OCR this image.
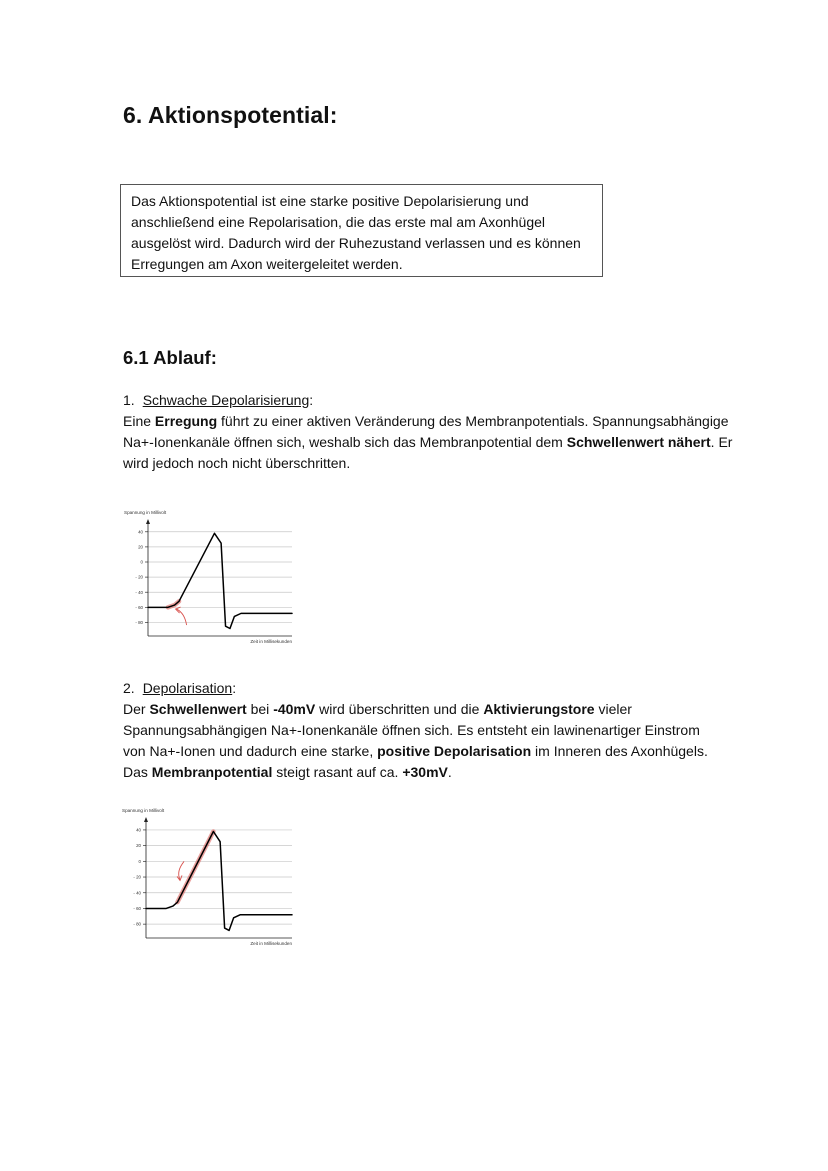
6. Aktionspotential:
Das Aktionspotential ist eine starke positive Depolarisierung und anschließend eine Repolarisation, die das erste mal am Axonhügel ausgelöst wird. Dadurch wird der Ruhezustand verlassen und es können Erregungen am Axon weitergeleitet werden.
6.1 Ablauf:

1. Schwache Depolarisierung:

Eine Erregung führt zu einer aktiven Veränderung des Membranpotentials. Spannungsabhängige Na+-Ionenkanäle öffnen sich, weshalb sich das Membranpotential dem Schwellenwert nähert. Er wird jedoch noch nicht überschritten.

Spannung in Millivolt
40
20
0
- 20
- 40
- 60
- 80
Zeit in Millisekunden

2. Depolarisation:

Der Schwellenwert bei -40mV wird überschritten und die Aktivierungstore vieler Spannungsabhängigen Na+-Ionenkanäle öffnen sich. Es entsteht ein lawinenartiger Einstrom von Na+-Ionen und dadurch eine starke, positive Depolarisation im Inneren des Axonhügels. Das Membranpotential steigt rasant auf ca. +30mV.

Spannung in Millivolt
40
20
0
- 20
- 40
- 60
- 80
Zeit in Millisekunden
